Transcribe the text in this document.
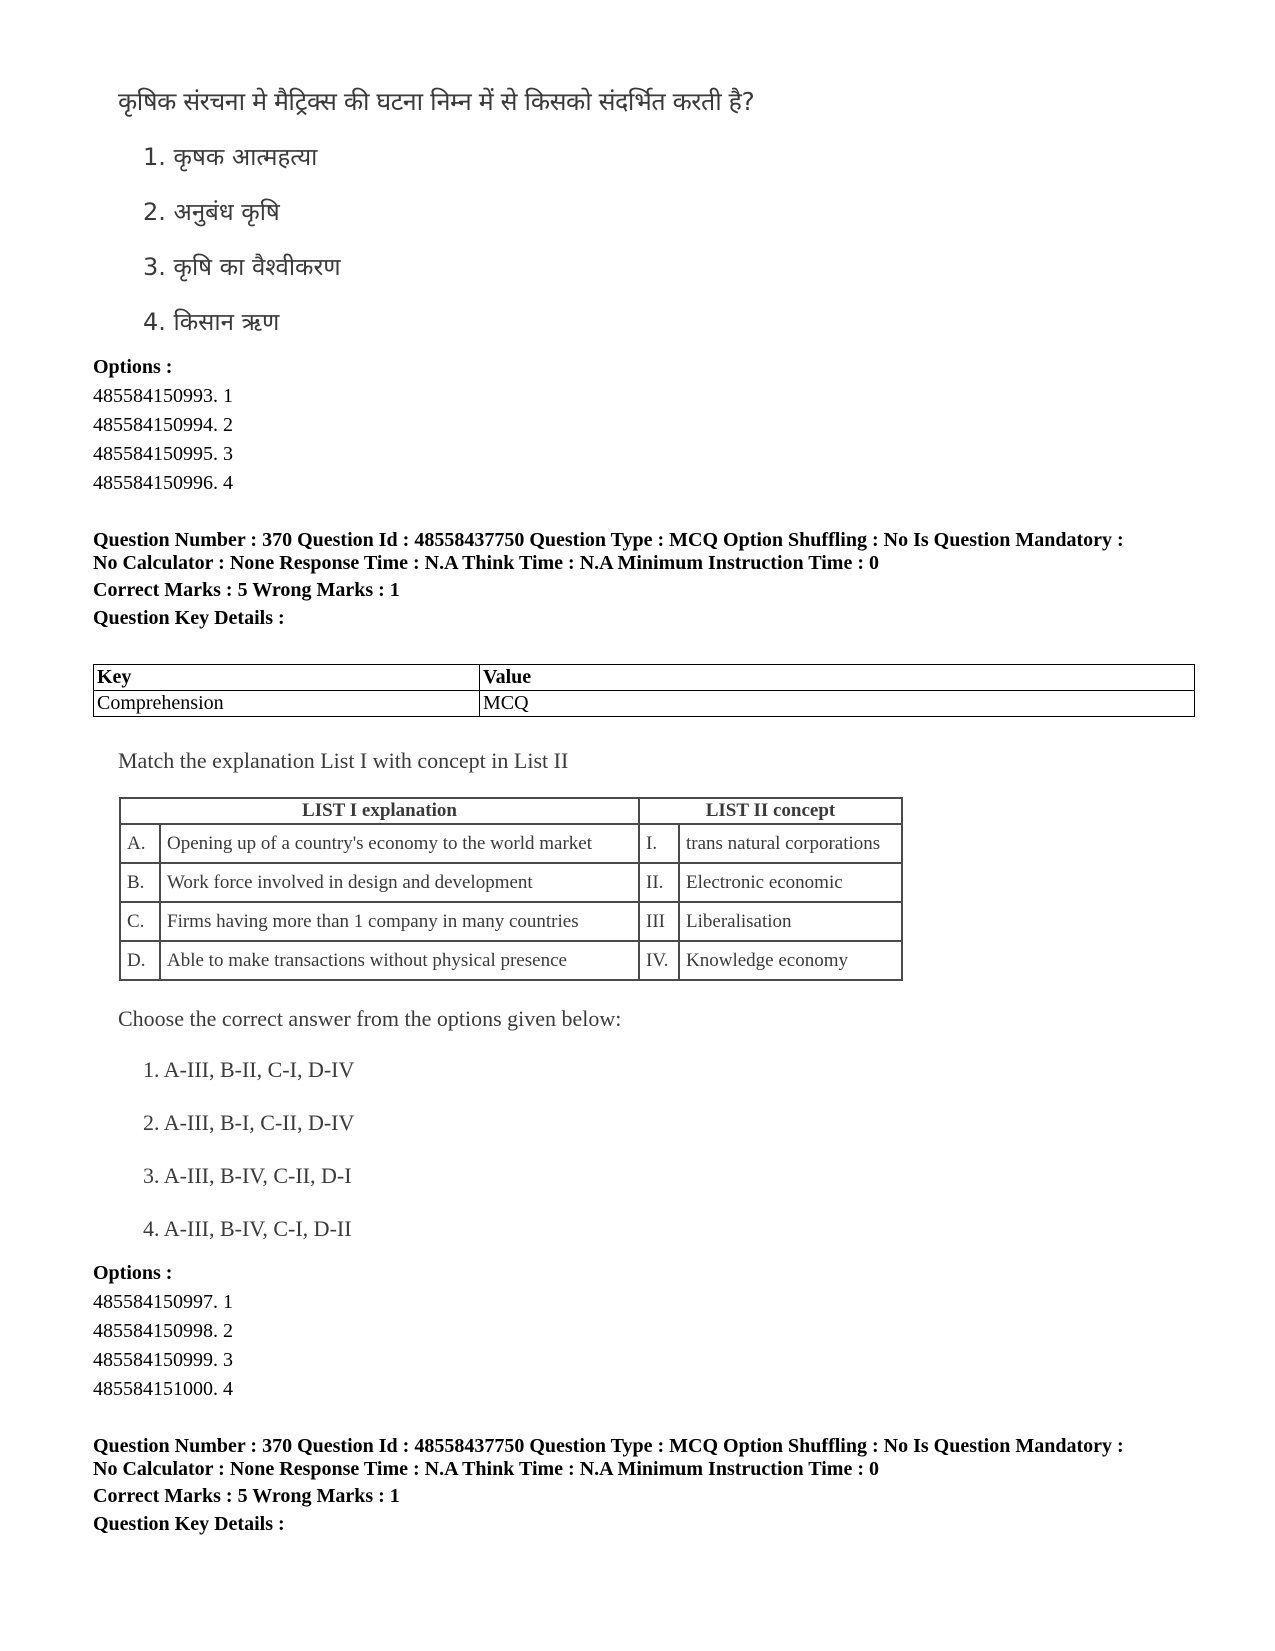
कृषिक संरचना मे मैट्रिक्स की घटना निम्न में से किसको संदर्भित करती है?
1. कृषक आत्महत्या
2. अनुबंध कृषि
3. कृषि का वैश्वीकरण
4. किसान ऋण
Options :
485584150993. 1
485584150994. 2
485584150995. 3
485584150996. 4
Question Number : 370 Question Id : 48558437750 Question Type : MCQ Option Shuffling : No Is Question Mandatory :
No Calculator : None Response Time : N.A Think Time : N.A Minimum Instruction Time : 0
Correct Marks : 5 Wrong Marks : 1
Question Key Details :
Key	Value
Comprehension	MCQ
Match the explanation List I with concept in List II
LIST I explanation		LIST II concept	
A.	Opening up of a country's economy to the world market	I.	trans natural corporations
B.	Work force involved in design and development	II.	Electronic economic
C.	Firms having more than 1 company in many countries	III	Liberalisation
D.	Able to make transactions without physical presence	IV.	Knowledge economy
Choose the correct answer from the options given below:
1. A-III, B-II, C-I, D-IV
2. A-III, B-I, C-II, D-IV
3. A-III, B-IV, C-II, D-I
4. A-III, B-IV, C-I, D-II
Options :
485584150997. 1
485584150998. 2
485584150999. 3
485584151000. 4
Question Number : 370 Question Id : 48558437750 Question Type : MCQ Option Shuffling : No Is Question Mandatory :
No Calculator : None Response Time : N.A Think Time : N.A Minimum Instruction Time : 0
Correct Marks : 5 Wrong Marks : 1
Question Key Details :
